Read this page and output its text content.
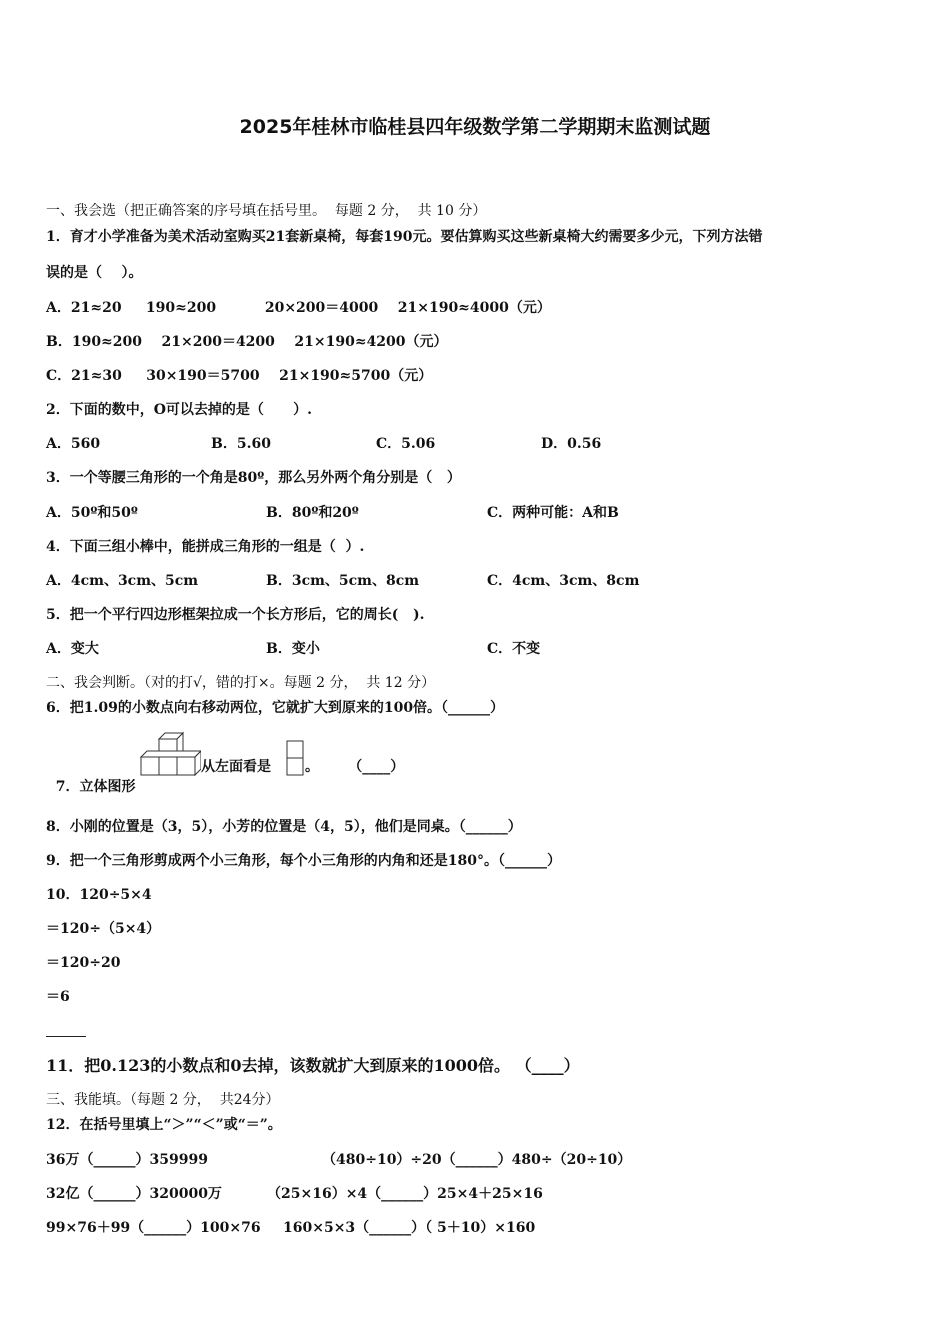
2025年桂林市临桂县四年级数学第二学期期末监测试题
一、我会选（把正确答案的序号填在括号里。  每题 2 分，  共 10 分）
1．育才小学准备为美术活动室购买21套新桌椅，每套190元。要估算购买这些新桌椅大约需要多少元，下列方法错
误的是（    ）。
A．21≈20     190≈200          20×200＝4000    21×190≈4000（元）
B．190≈200    21×200＝4200    21×190≈4200（元）
C．21≈30     30×190＝5700    21×190≈5700（元）
2．下面的数中，O可以去掉的是（      ）.
A．560	B．5.60	C．5.06	D．0.56
3．一个等腰三角形的一个角是80º，那么另外两个角分别是（   ）
A．50º和50º	B．80º和20º	C．两种可能：A和B
4．下面三组小棒中，能拼成三角形的一组是（  ）.
A．4cm、3cm、5cm	B．3cm、5cm、8cm	C．4cm、3cm、8cm
5．把一个平行四边形框架拉成一个长方形后，它的周长(   ).
A．变大	B．变小	C．不变
二、我会判断。（对的打√，错的打×。每题 2 分，  共 12 分）
6．把1.09的小数点向右移动两位，它就扩大到原来的100倍。（______）

7．立体图形

从左面看是 。      （____）
8．小刚的位置是（3，5），小芳的位置是（4，5），他们是同桌。（______）
9．把一个三角形剪成两个小三角形，每个小三角形的内角和还是180°。（______）
10．120÷5×4
＝120÷（5×4）
＝120÷20
＝6
11．把0.123的小数点和0去掉，该数就扩大到原来的1000倍。 （____）
三、我能填。（每题 2 分，  共24分）
12．在括号里填上“＞”“＜”或“＝”。
36万（______）359999	（480÷10）÷20（______）480÷（20÷10）
32亿（______）320000万	（25×16）×4（______）25×4＋25×16
99×76＋99（______）100×76 160×5×3（______）（ 5＋10）×160
